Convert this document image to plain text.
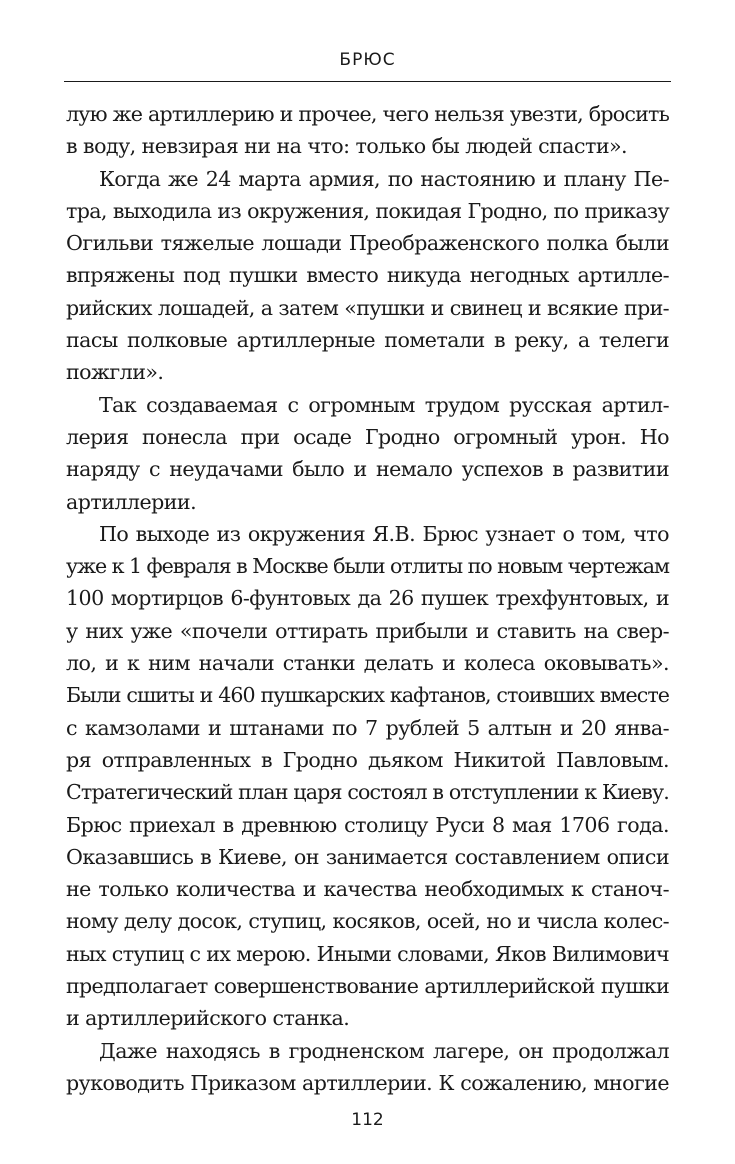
БРЮС
лую же артиллерию и прочее, чего нельзя увезти, бросить
в воду, невзирая ни на что: только бы людей спасти».
Когда же 24 марта армия, по настоянию и плану Пе-
тра, выходила из окружения, покидая Гродно, по приказу
Огильви тяжелые лошади Преображенского полка были
впряжены под пушки вместо никуда негодных артилле-
рийских лошадей, а затем «пушки и свинец и всякие при-
пасы полковые артиллерные пометали в реку, а телеги
пожгли».
Так создаваемая с огромным трудом русская артил-
лерия понесла при осаде Гродно огромный урон. Но
наряду с неудачами было и немало успехов в развитии
артиллерии.
По выходе из окружения Я.В. Брюс узнает о том, что
уже к 1 февраля в Москве были отлиты по новым чертежам
100 мортирцов 6-фунтовых да 26 пушек трехфунтовых, и
у них уже «почели оттирать прибыли и ставить на свер-
ло, и к ним начали станки делать и колеса оковывать».
Были сшиты и 460 пушкарских кафтанов, стоивших вместе
с камзолами и штанами по 7 рублей 5 алтын и 20 янва-
ря отправленных в Гродно дьяком Никитой Павловым.
Стратегический план царя состоял в отступлении к Киеву.
Брюс приехал в древнюю столицу Руси 8 мая 1706 года.
Оказавшись в Киеве, он занимается составлением описи
не только количества и качества необходимых к станоч-
ному делу досок, ступиц, косяков, осей, но и числа колес-
ных ступиц с их мерою. Иными словами, Яков Вилимович
предполагает совершенствование артиллерийской пушки
и артиллерийского станка.
Даже находясь в гродненском лагере, он продолжал
руководить Приказом артиллерии. К сожалению, многие
112
